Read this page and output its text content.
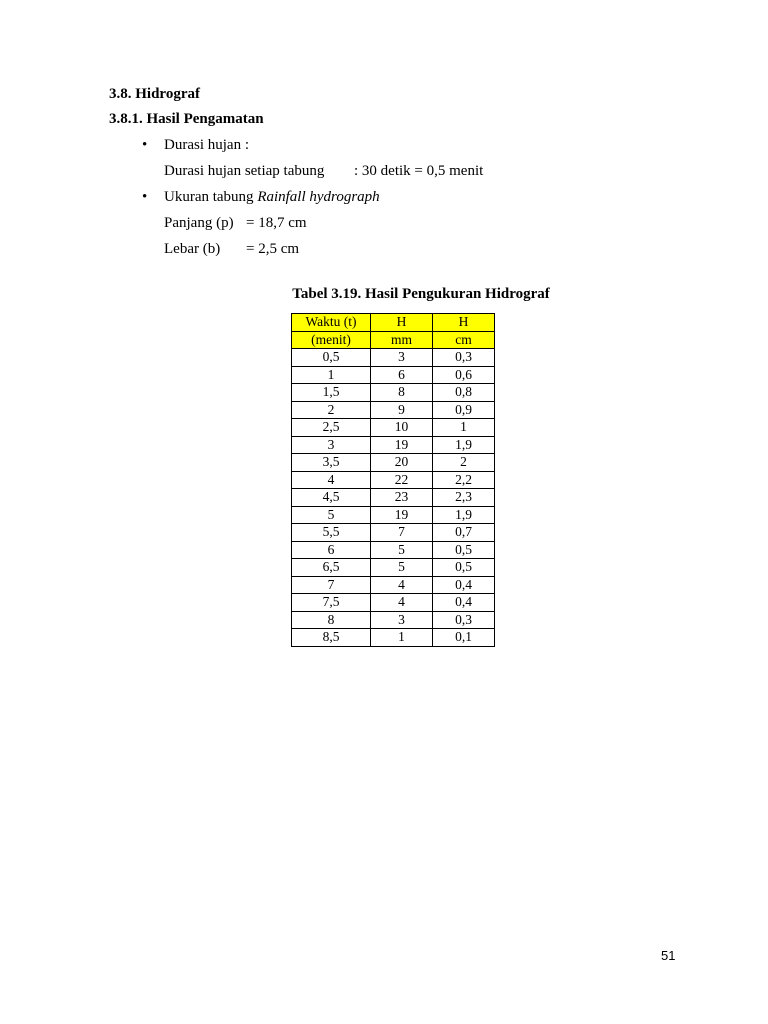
3.8. Hidrograf
3.8.1. Hasil Pengamatan
• Durasi hujan :
Durasi hujan setiap tabung : 30 detik = 0,5 menit
• Ukuran tabung Rainfall hydrograph
Panjang (p) = 18,7 cm
Lebar (b) = 2,5 cm
Tabel 3.19. Hasil Pengukuran Hidrograf
Waktu (t)	H	H
(menit)	mm	cm
0,5	3	0,3
1	6	0,6
1,5	8	0,8
2	9	0,9
2,5	10	1
3	19	1,9
3,5	20	2
4	22	2,2
4,5	23	2,3
5	19	1,9
5,5	7	0,7
6	5	0,5
6,5	5	0,5
7	4	0,4
7,5	4	0,4
8	3	0,3
8,5	1	0,1
51
